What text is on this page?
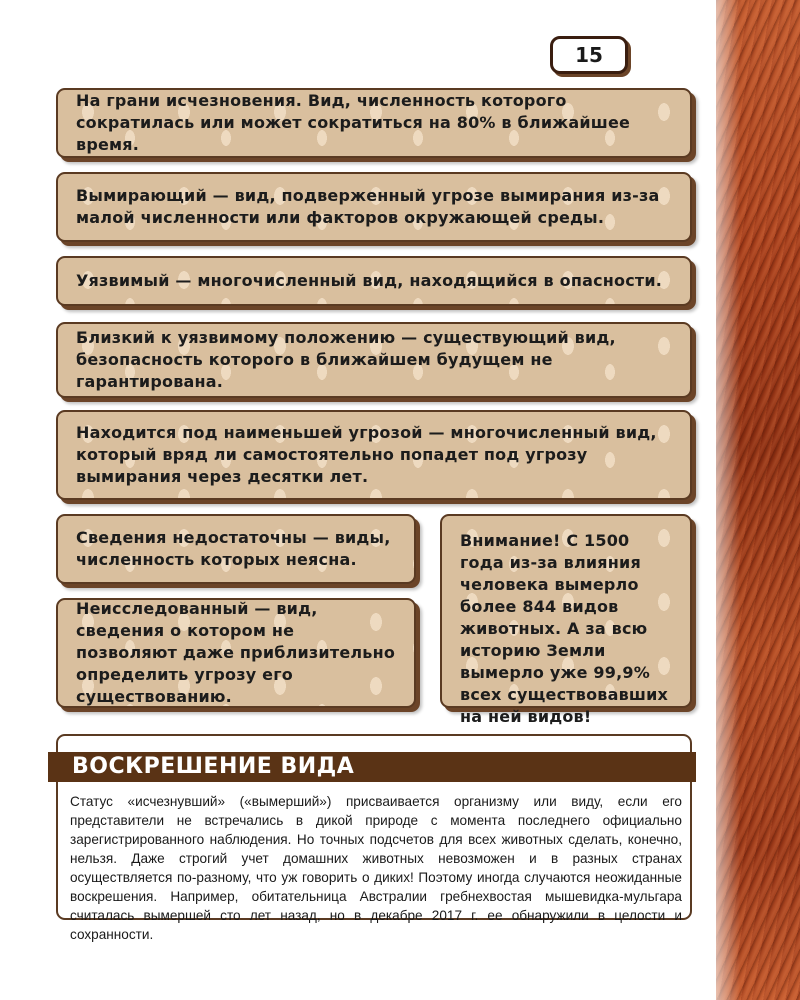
15
На грани исчезновения. Вид, численность которого сократилась или может сократиться на 80% в ближайшее время.
Вымирающий — вид, подверженный угрозе вымирания из-за малой численности или факторов окружающей среды.
Уязвимый — многочисленный вид, находящийся в опасности.
Близкий к уязвимому положению — существующий вид, безопасность которого в ближайшем будущем не гарантирована.
Находится под наименьшей угрозой — многочисленный вид, который вряд ли самостоятельно попадет под угрозу вымирания через десятки лет.
Сведения недостаточны — виды, численность которых неясна.
Неисследованный — вид, сведения о котором не позволяют даже приблизительно определить угрозу его существованию.
Внимание! С 1500 года из-за влияния человека вымерло более 844 видов животных. А за всю историю Земли вымерло уже 99,9% всех существовавших на ней видов!
ВОСКРЕШЕНИЕ ВИДА
Статус «исчезнувший» («вымерший») присваивается организму или виду, если его представители не встречались в дикой природе с момента последнего официально зарегистрированного наблюдения. Но точных подсчетов для всех животных сделать, конечно, нельзя. Даже строгий учет домашних животных невозможен и в разных странах осуществляется по-разному, что уж говорить о диких! Поэтому иногда случаются неожиданные воскрешения. Например, обитательница Австралии гребнехвостая мышевидка-мульгара считалась вымершей сто лет назад, но в декабре 2017 г. ее обнаружили в целости и сохранности.
